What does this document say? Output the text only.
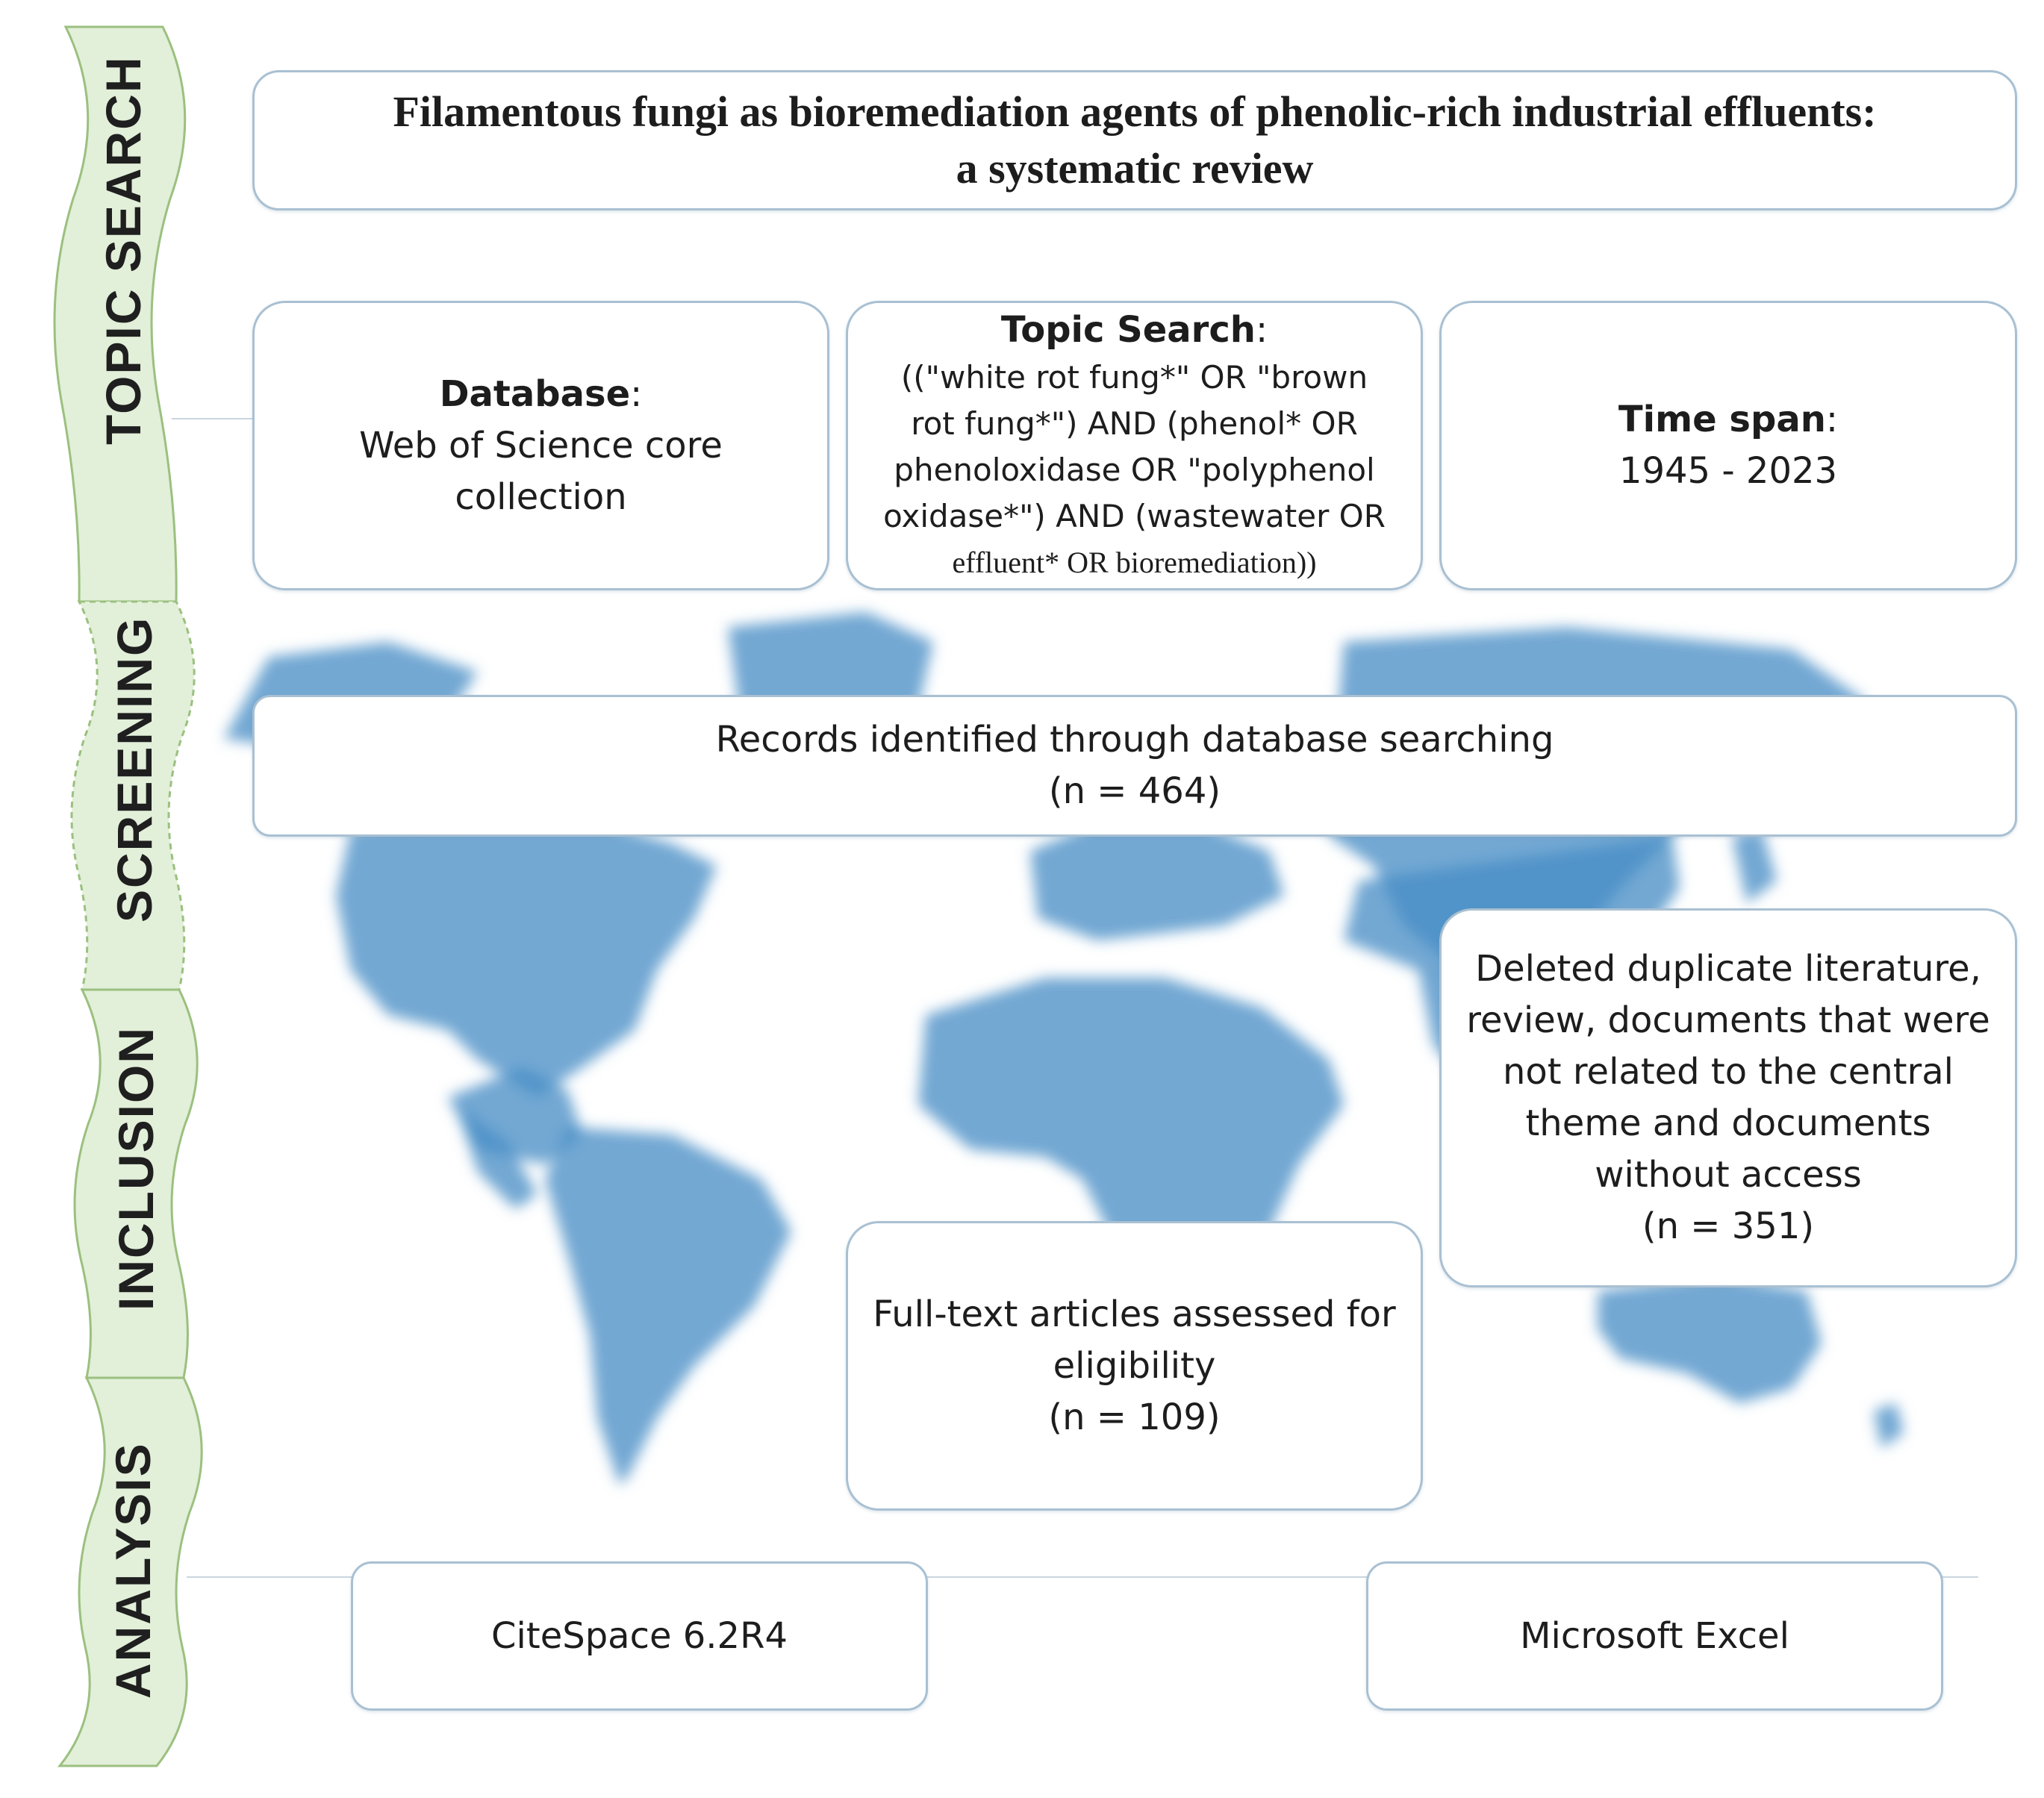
TOPIC SEARCH
SCREENING
INCLUSION
ANALYSIS
Filamentous fungi as bioremediation agents of phenolic-rich industrial effluents:
a systematic review
Database:
Web of Science core
collection
Topic Search:
(("white rot fung*" OR "brown
rot fung*") AND (phenol* OR
phenoloxidase OR "polyphenol
oxidase*") AND (wastewater OR
effluent* OR bioremediation))
Time span:
1945 - 2023
Records identified through database searching
(n = 464)
Deleted duplicate literature,
review, documents that were
not related to the central
theme and documents
without access
(n = 351)
Full-text articles assessed for
eligibility
(n = 109)
CiteSpace 6.2R4	Microsoft Excel
